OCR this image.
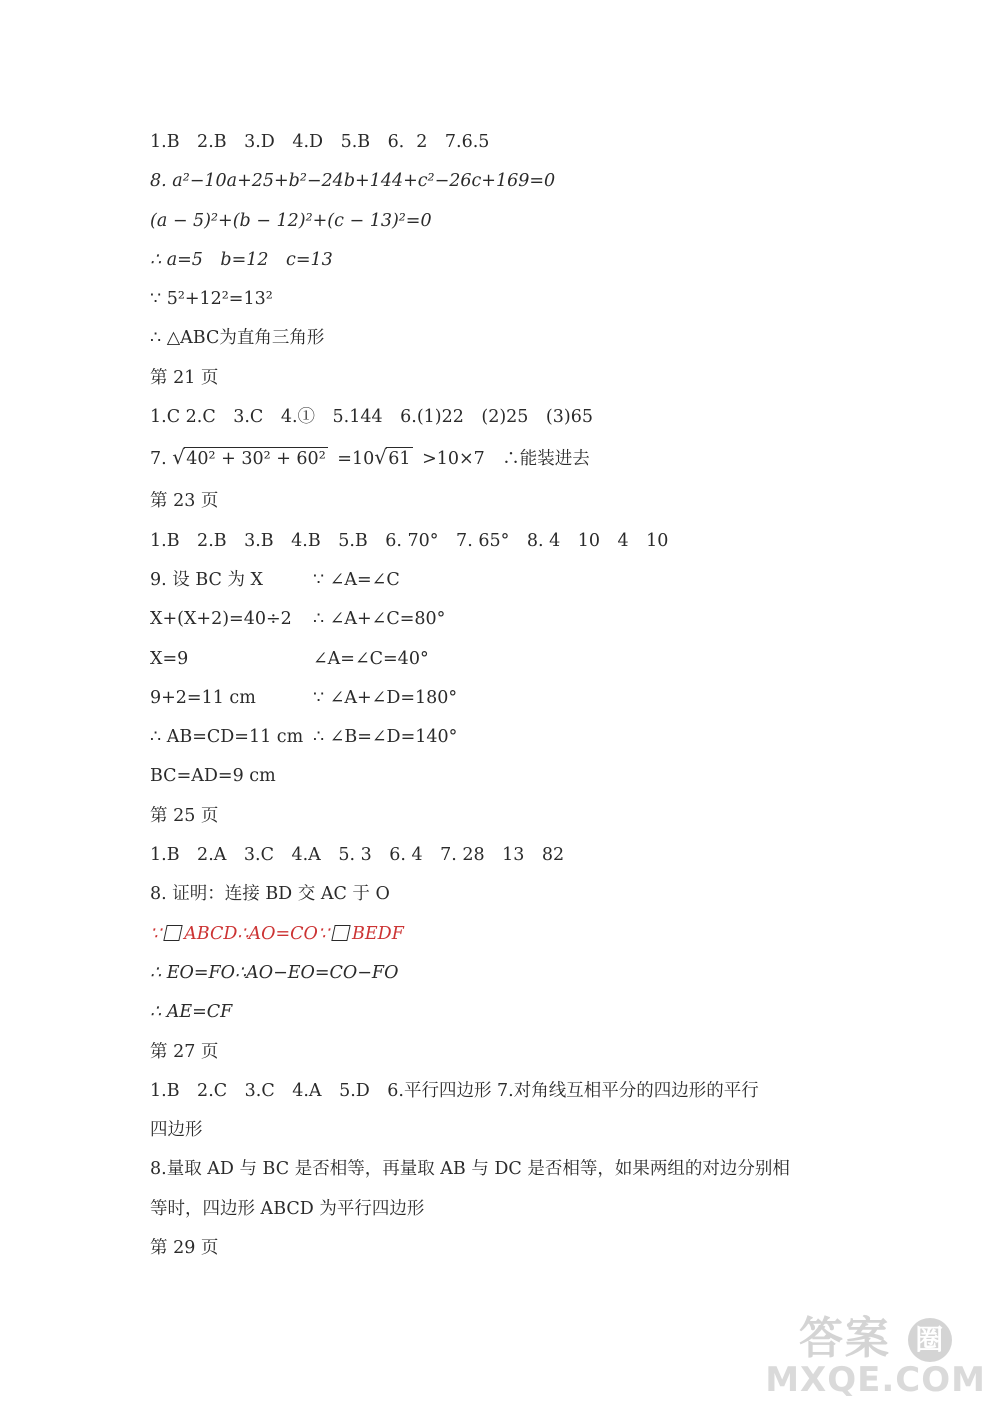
1.B　2.B　3.D　4.D　5.B　6．2　7.6.5
8. a²−10a+25+b²−24b+144+c²−26c+169=0
(a − 5)²+(b − 12)²+(c − 13)²=0
∴ a=5　b=12　c=13
∵ 5²+12²=13²
∴ △ABC为直角三角形
第 21 页
1.C 2.C　3.C　4.①　5.144　6.(1)22　(2)25　(3)65
7. √ 40² + 30² + 60² =10 √ 61 >10×7　∴能装进去
第 23 页
1.B　2.B　3.B　4.B　5.B　6. 70°　7. 65°　8. 4　10　4　10
9. 设 BC 为 X	∵ ∠A=∠C
X+(X+2)=40÷2 ∴ ∠A+∠C=80°
X=9	∠A=∠C=40°
9+2=11 cm	∵ ∠A+∠D=180°
∴ AB=CD=11 cm ∴ ∠B=∠D=140°
BC=AD=9 cm
第 25 页
1.B　2.A　3.C　4.A　5. 3　6. 4　7. 28　13　82
8. 证明：连接 BD 交 AC 于 O
∵ ABCD∴AO=CO∵ BEDF
∴ EO=FO∴AO−EO=CO−FO
∴ AE=CF
第 27 页
1.B　2.C　3.C　4.A　5.D　6.平行四边形 7.对角线互相平分的四边形的平行
四边形
8.量取 AD 与 BC 是否相等，再量取 AB 与 DC 是否相等，如果两组的对边分别相
等时，四边形 ABCD 为平行四边形
第 29 页
答案 圈
MXQE.COM
